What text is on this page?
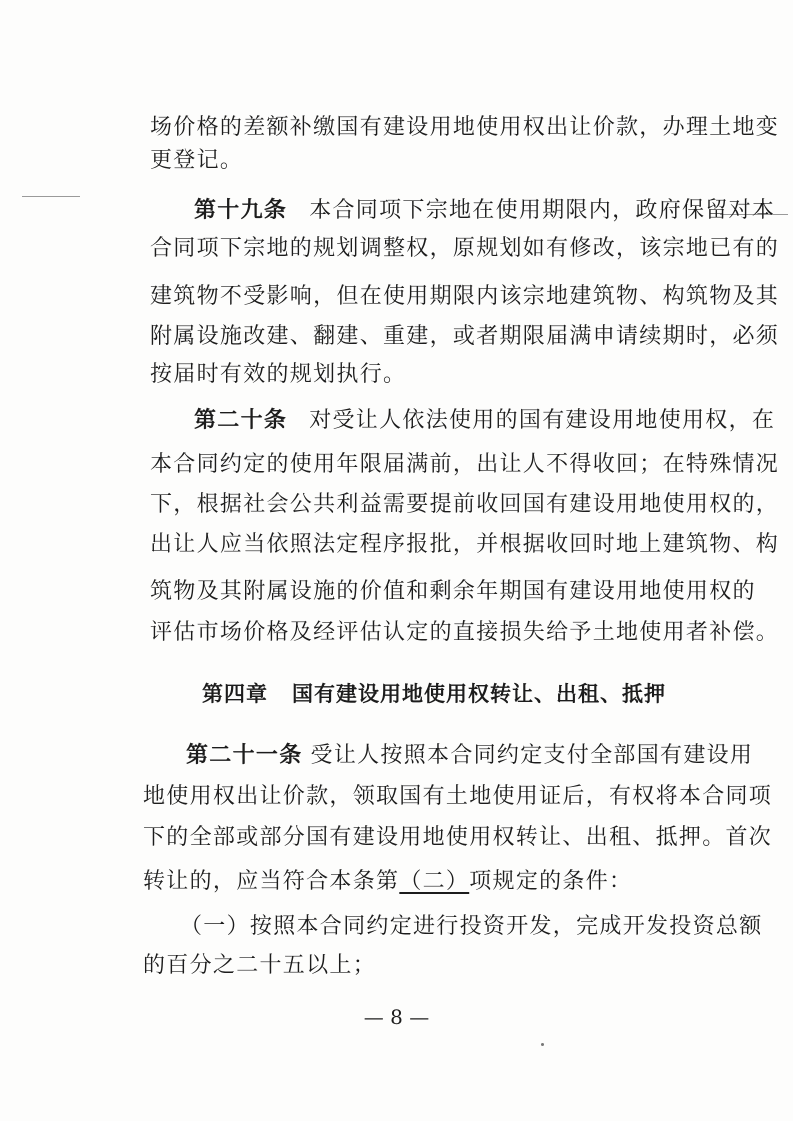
场价格的差额补缴国有建设用地使用权出让价款，办理土地变
更登记。
第十九条 本合同项下宗地在使用期限内，政府保留对本
合同项下宗地的规划调整权，原规划如有修改，该宗地已有的
建筑物不受影响，但在使用期限内该宗地建筑物、构筑物及其
附属设施改建、翻建、重建，或者期限届满申请续期时，必须
按届时有效的规划执行。
第二十条 对受让人依法使用的国有建设用地使用权，在
本合同约定的使用年限届满前，出让人不得收回；在特殊情况
下，根据社会公共利益需要提前收回国有建设用地使用权的，
出让人应当依照法定程序报批，并根据收回时地上建筑物、构
筑物及其附属设施的价值和剩余年期国有建设用地使用权的
评估市场价格及经评估认定的直接损失给予土地使用者补偿。
第四章 国有建设用地使用权转让、出租、抵押
第二十一条 受让人按照本合同约定支付全部国有建设用
地使用权出让价款，领取国有土地使用证后，有权将本合同项
下的全部或部分国有建设用地使用权转让、出租、抵押。首次
转让的，应当符合本条第（二）项规定的条件：
（一）按照本合同约定进行投资开发，完成开发投资总额
的百分之二十五以上；
— 8 —
